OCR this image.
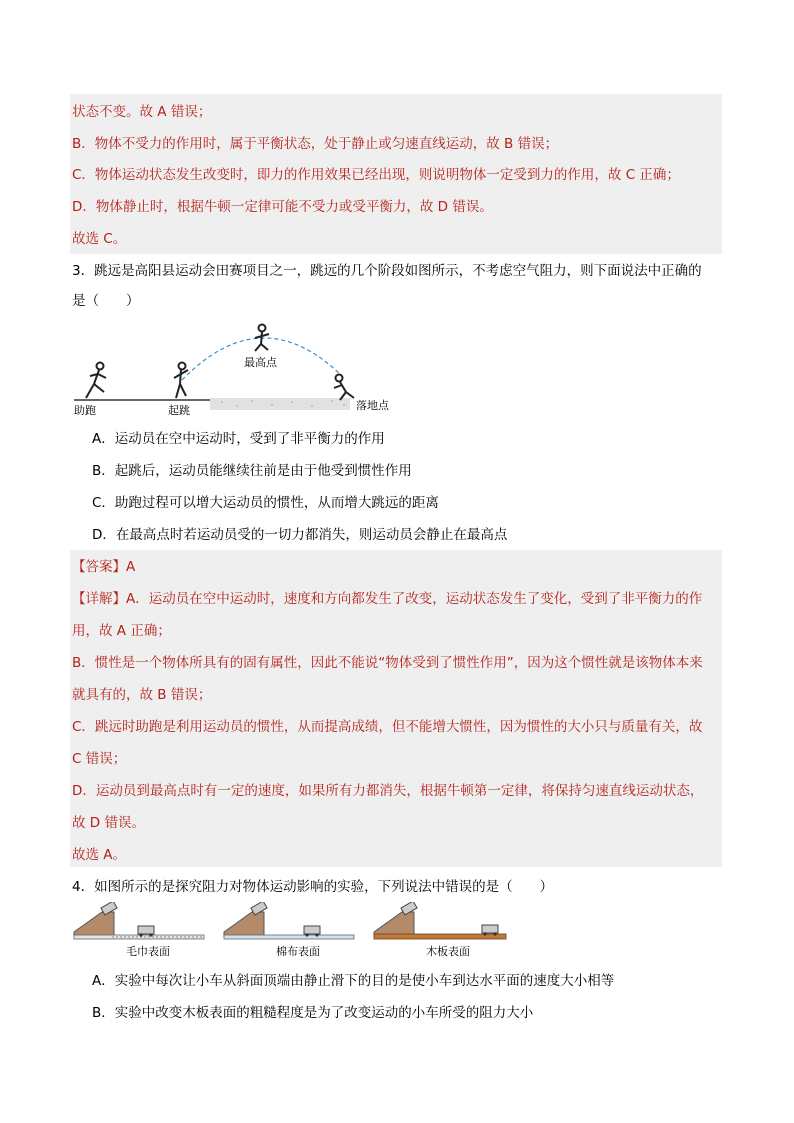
状态不变。故 A 错误；
B．物体不受力的作用时，属于平衡状态，处于静止或匀速直线运动，故 B 错误；
C．物体运动状态发生改变时，即力的作用效果已经出现，则说明物体一定受到力的作用，故 C 正确；
D．物体静止时，根据牛顿一定律可能不受力或受平衡力，故 D 错误。
故选 C。
3．跳远是高阳县运动会田赛项目之一，跳远的几个阶段如图所示，不考虑空气阻力，则下面说法中正确的
是（　　）
助跑	起跳
最高点
落地点
A．运动员在空中运动时，受到了非平衡力的作用
B．起跳后，运动员能继续往前是由于他受到惯性作用
C．助跑过程可以增大运动员的惯性，从而增大跳远的距离
D．在最高点时若运动员受的一切力都消失，则运动员会静止在最高点
【答案】A
【详解】A．运动员在空中运动时，速度和方向都发生了改变，运动状态发生了变化，受到了非平衡力的作
用，故 A 正确；
B．惯性是一个物体所具有的固有属性，因此不能说“物体受到了惯性作用”，因为这个惯性就是该物体本来
就具有的，故 B 错误；
C．跳远时助跑是利用运动员的惯性，从而提高成绩，但不能增大惯性，因为惯性的大小只与质量有关，故
C 错误；
D．运动员到最高点时有一定的速度，如果所有力都消失，根据牛顿第一定律，将保持匀速直线运动状态，
故 D 错误。
故选 A。
4．如图所示的是探究阻力对物体运动影响的实验，下列说法中错误的是（　　）
毛巾表面	棉布表面	木板表面
A．实验中每次让小车从斜面顶端由静止滑下的目的是使小车到达水平面的速度大小相等
B．实验中改变木板表面的粗糙程度是为了改变运动的小车所受的阻力大小
